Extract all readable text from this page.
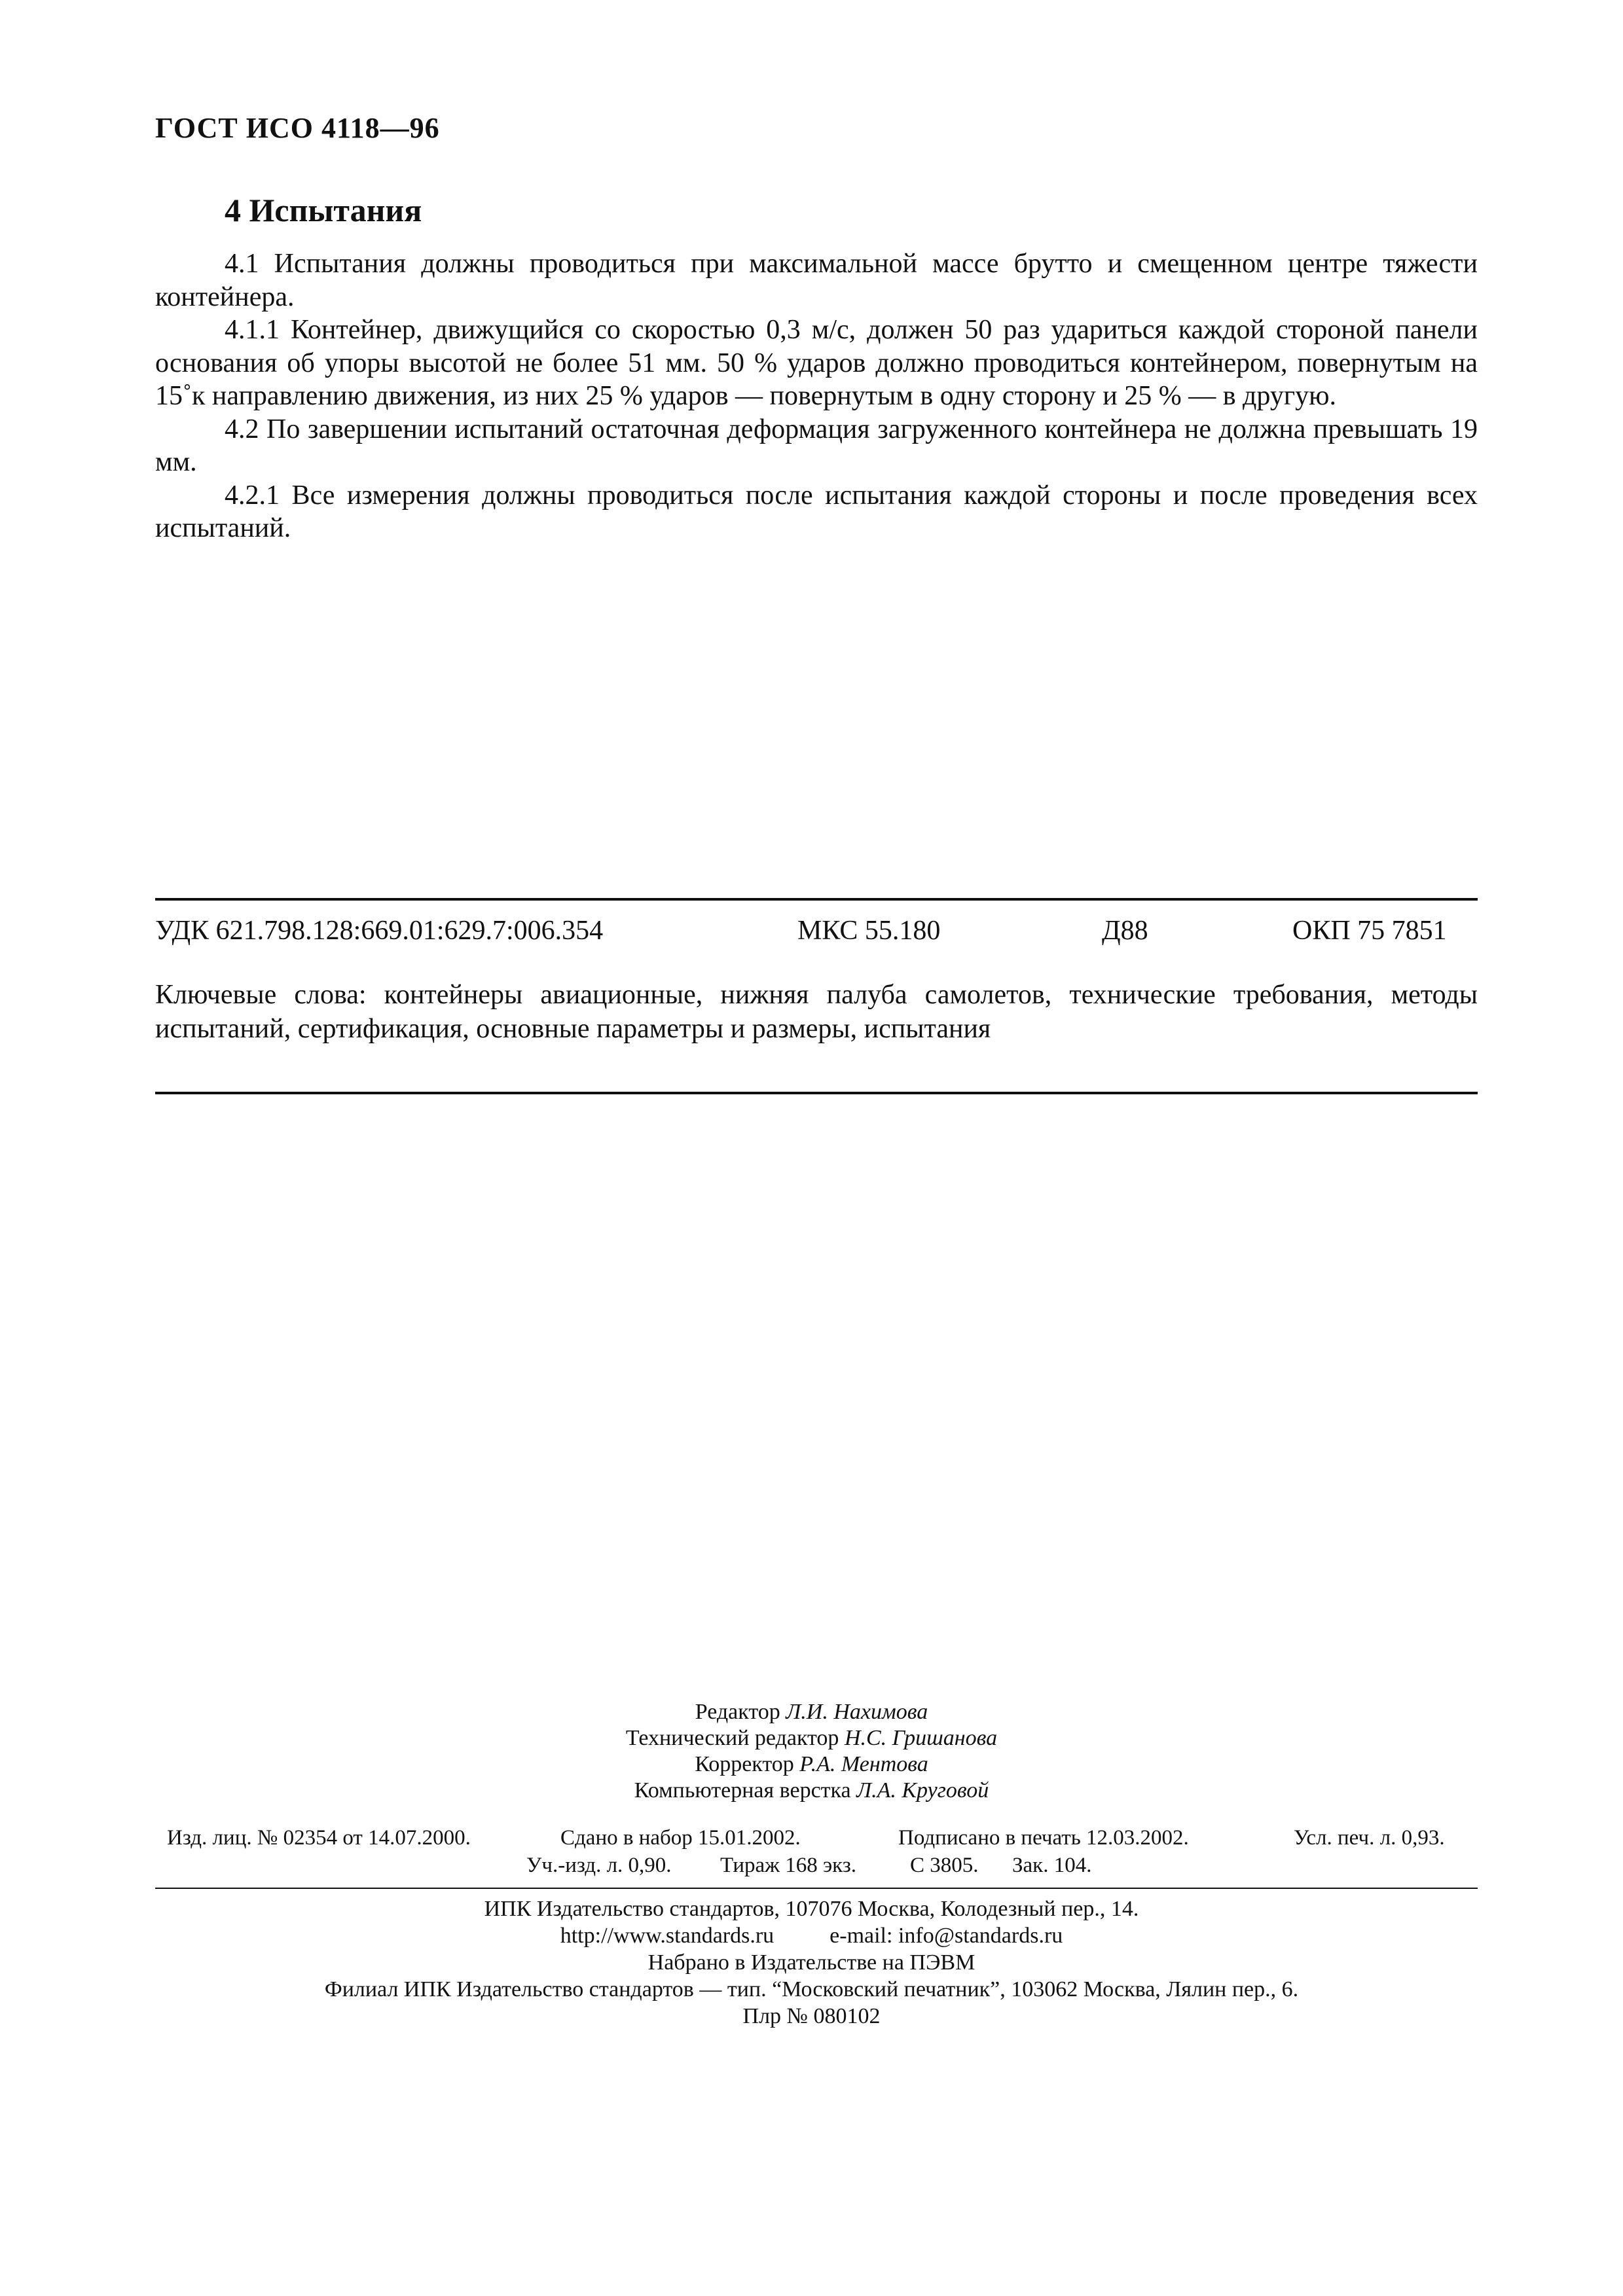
ГОСТ ИСО 4118—96
4 Испытания

4.1 Испытания должны проводиться при максимальной массе брутто и смещенном центре тяжести контейнера.

4.1.1 Контейнер, движущийся со скоростью 0,3 м/с, должен 50 раз удариться каждой стороной панели основания об упоры высотой не более 51 мм. 50 % ударов должно проводиться контейнером, повернутым на 15˚к направлению движения, из них 25 % ударов — повернутым в одну сторону и 25 % — в другую.

4.2 По завершении испытаний остаточная деформация загруженного контейнера не должна превышать 19 мм.

4.2.1 Все измерения должны проводиться после испытания каждой стороны и после проведения всех испытаний.

УДК 621.798.128:669.01:629.7:006.354	МКС 55.180	Д88	ОКП 75 7851
Ключевые слова: контейнеры авиационные, нижняя палуба самолетов, технические требования, методы испытаний, сертификация, основные параметры и размеры, испытания
Редактор Л.И. Нахимова
Технический редактор Н.С. Гришанова
Корректор Р.А. Ментова
Компьютерная верстка Л.А. Круговой
Изд. лиц. № 02354 от 14.07.2000.	Сдано в набор 15.01.2002.	Подписано в печать 12.03.2002.	Усл. печ. л. 0,93.
Уч.-изд. л. 0,90. Тираж 168 экз. С 3805. Зак. 104.
ИПК Издательство стандартов, 107076 Москва, Колодезный пер., 14.
http://www.standards.ru	e-mail: info@standards.ru
Набрано в Издательстве на ПЭВМ
Филиал ИПК Издательство стандартов — тип. “Московский печатник”, 103062 Москва, Лялин пер., 6.
Плр № 080102
